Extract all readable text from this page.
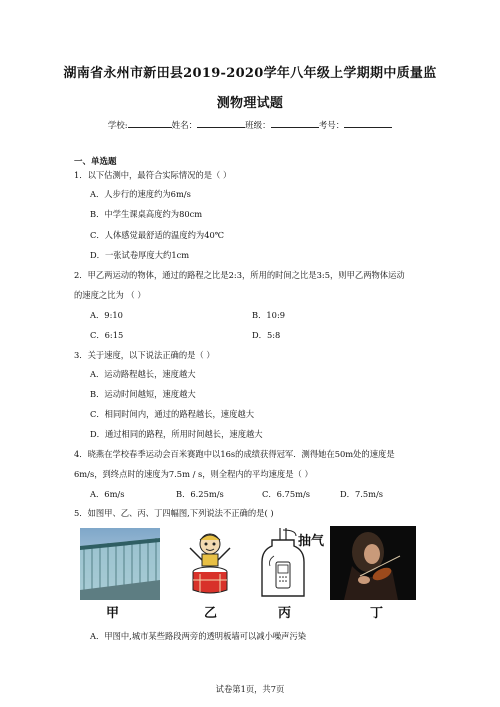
湖南省永州市新田县2019-2020学年八年级上学期期中质量监
测物理试题
学校:	姓名：	班级：	考号：
一、单选题
1．以下估测中，最符合实际情况的是（ ）
A．人步行的速度约为6m/s
B．中学生课桌高度约为80cm
C．人体感觉最舒适的温度约为40℃
D．一张试卷厚度大约1cm
2．甲乙两运动的物体，通过的路程之比是2:3，所用的时间之比是3:5，则甲乙两物体运动
的速度之比为 （ ）
A．9:10	B．10:9
C．6:15	D．5:8
3．关于速度，以下说法正确的是（ ）
A．运动路程越长，速度越大
B．运动时间越短，速度越大
C．相同时间内，通过的路程越长，速度越大
D．通过相同的路程，所用时间越长，速度越大
4．晓燕在学校春季运动会百米赛跑中以16s的成绩获得冠军．测得她在50m处的速度是
6m/s，到终点时的速度为7.5m / s，则全程内的平均速度是（ ）
A．6m/s	B．6.25m/s	C．6.75m/s	D．7.5m/s
5．如图甲、乙、丙、丁四幅图,下列说法不正确的是( )
甲	乙
抽气
丙	丁
A．甲图中,城市某些路段两旁的透明板墙可以减小噪声污染
试卷第1页，共7页
